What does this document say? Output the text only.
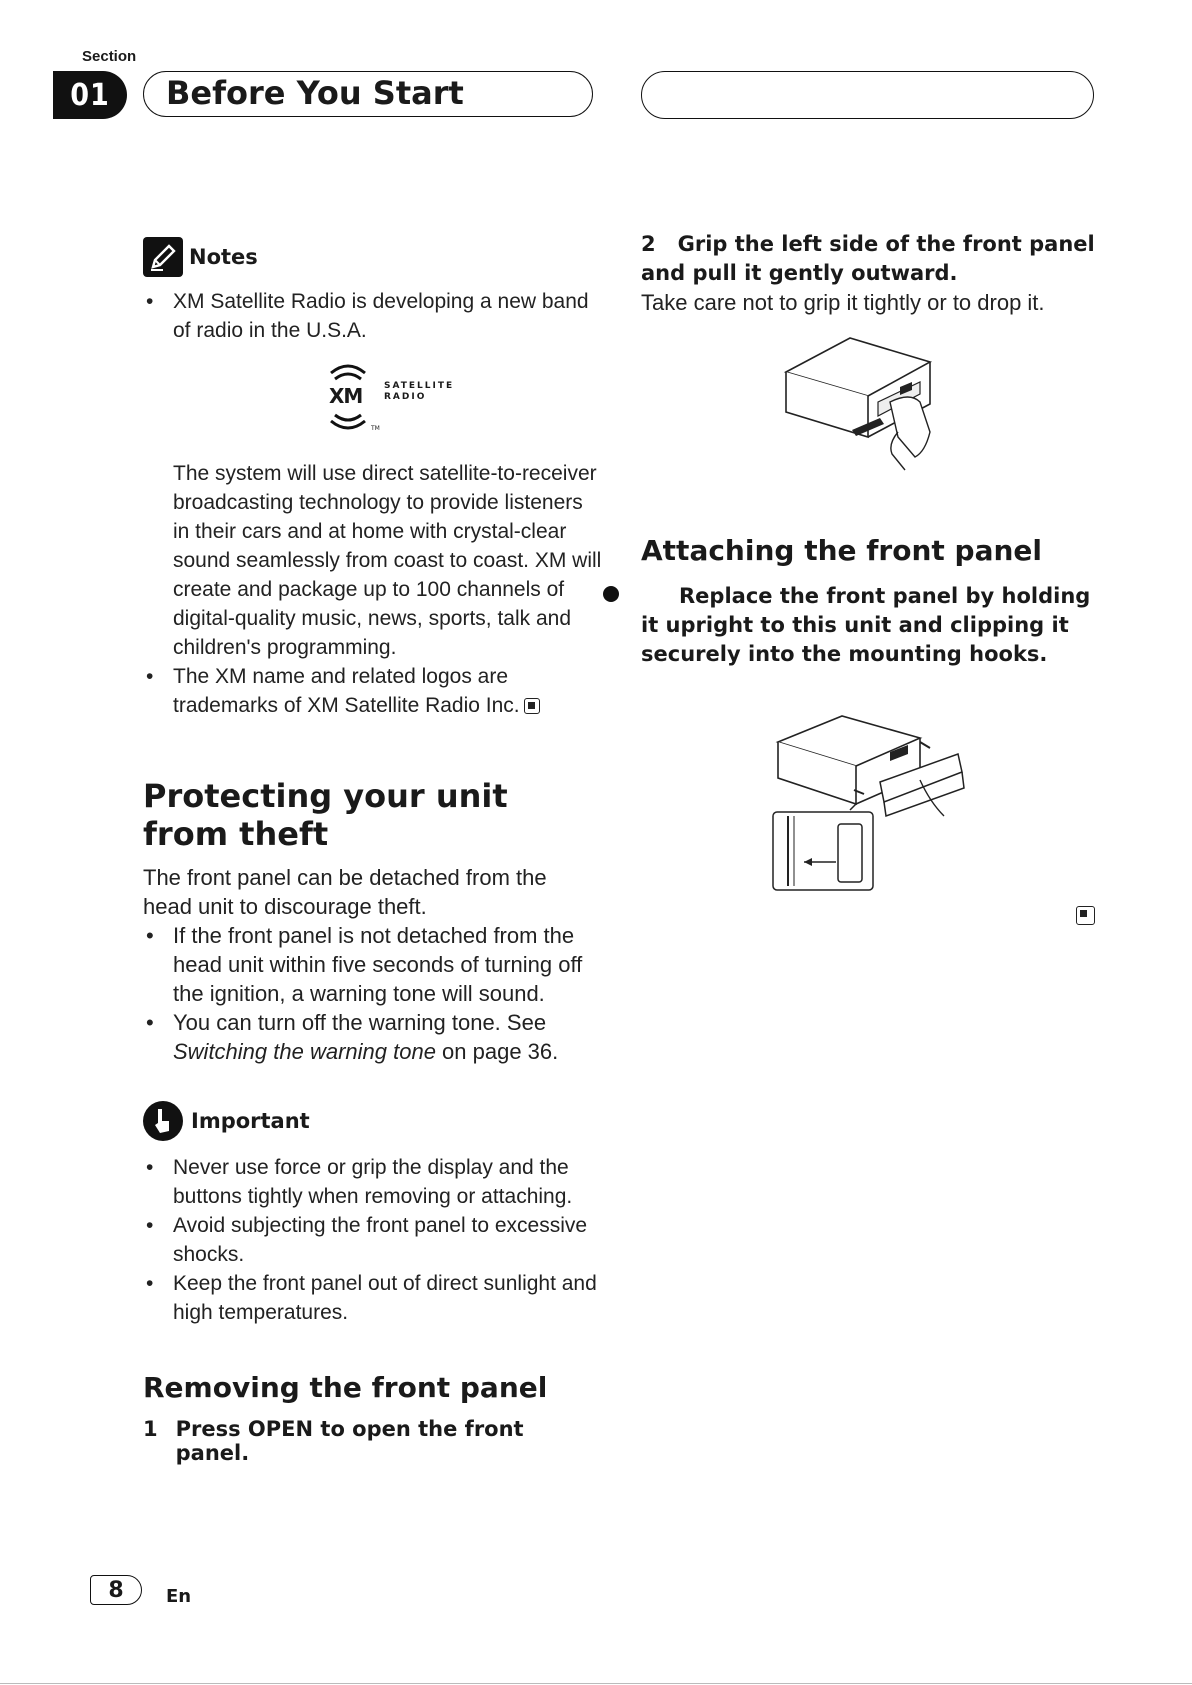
Section
01	Before You Start
Notes
• XM Satellite Radio is developing a new band of radio in the U.S.A.
XM SATELLITE
RADIO
TM
The system will use direct satellite-to-receiver broadcasting technology to provide listeners in their cars and at home with crystal-clear sound seamlessly from coast to coast. XM will create and package up to 100 channels of digital-quality music, news, sports, talk and children's programming.
• The XM name and related logos are trademarks of XM Satellite Radio Inc.
Protecting your unit from theft
The front panel can be detached from the head unit to discourage theft.
• If the front panel is not detached from the head unit within five seconds of turning off the ignition, a warning tone will sound.
• You can turn off the warning tone. See Switching the warning tone on page 36.
Important
• Never use force or grip the display and the buttons tightly when removing or attaching.
• Avoid subjecting the front panel to excessive shocks.
• Keep the front panel out of direct sunlight and high temperatures.
Removing the front panel
1 Press OPEN to open the front panel.
2 Grip the left side of the front panel and pull it gently outward.
Take care not to grip it tightly or to drop it.
Attaching the front panel
Replace the front panel by holding it upright to this unit and clipping it securely into the mounting hooks.
8	En
